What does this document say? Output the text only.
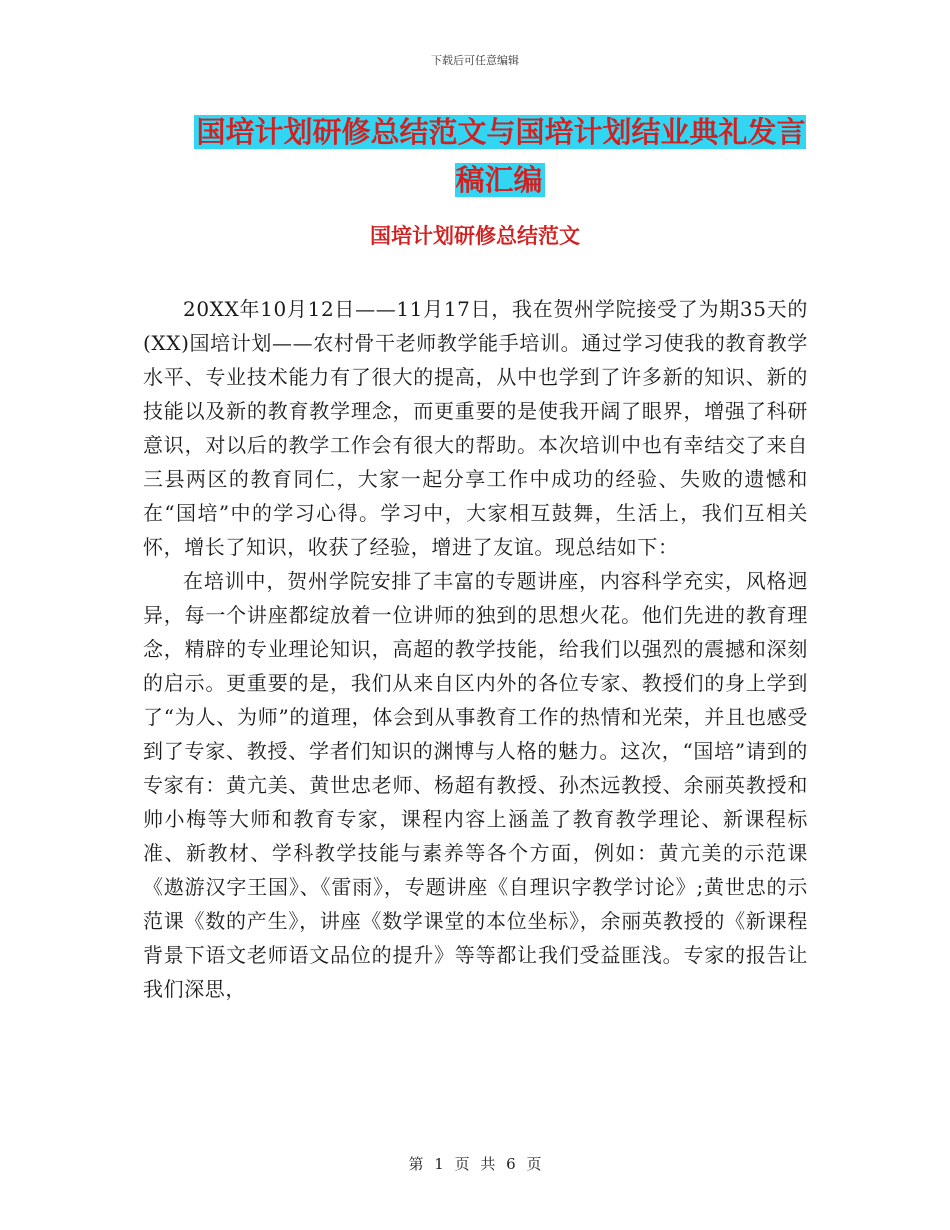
下载后可任意编辑
国培计划研修总结范文与国培计划结业典礼发言稿汇编
国培计划研修总结范文

20XX年10月12日——11月17日，我在贺州学院接受了为期35天的(XX)国培计划——农村骨干老师教学能手培训。通过学习使我的教育教学水平、专业技术能力有了很大的提高，从中也学到了许多新的知识、新的技能以及新的教育教学理念，而更重要的是使我开阔了眼界，增强了科研意识，对以后的教学工作会有很大的帮助。本次培训中也有幸结交了来自三县两区的教育同仁，大家一起分享工作中成功的经验、失败的遗憾和在“国培”中的学习心得。学习中，大家相互鼓舞，生活上，我们互相关怀，增长了知识，收获了经验，增进了友谊。现总结如下：

在培训中，贺州学院安排了丰富的专题讲座，内容科学充实，风格迥异，每一个讲座都绽放着一位讲师的独到的思想火花。他们先进的教育理念，精辟的专业理论知识，高超的教学技能，给我们以强烈的震撼和深刻的启示。更重要的是，我们从来自区内外的各位专家、教授们的身上学到了“为人、为师”的道理，体会到从事教育工作的热情和光荣，并且也感受到了专家、教授、学者们知识的渊博与人格的魅力。这次，“国培”请到的专家有：黄亢美、黄世忠老师、杨超有教授、孙杰远教授、余丽英教授和帅小梅等大师和教育专家，课程内容上涵盖了教育教学理论、新课程标准、新教材、学科教学技能与素养等各个方面，例如：黄亢美的示范课《遨游汉字王国》、《雷雨》，专题讲座《自理识字教学讨论》;黄世忠的示范课《数的产生》，讲座《数学课堂的本位坐标》，余丽英教授的《新课程背景下语文老师语文品位的提升》等等都让我们受益匪浅。专家的报告让我们深思，

第 1 页 共 6 页
